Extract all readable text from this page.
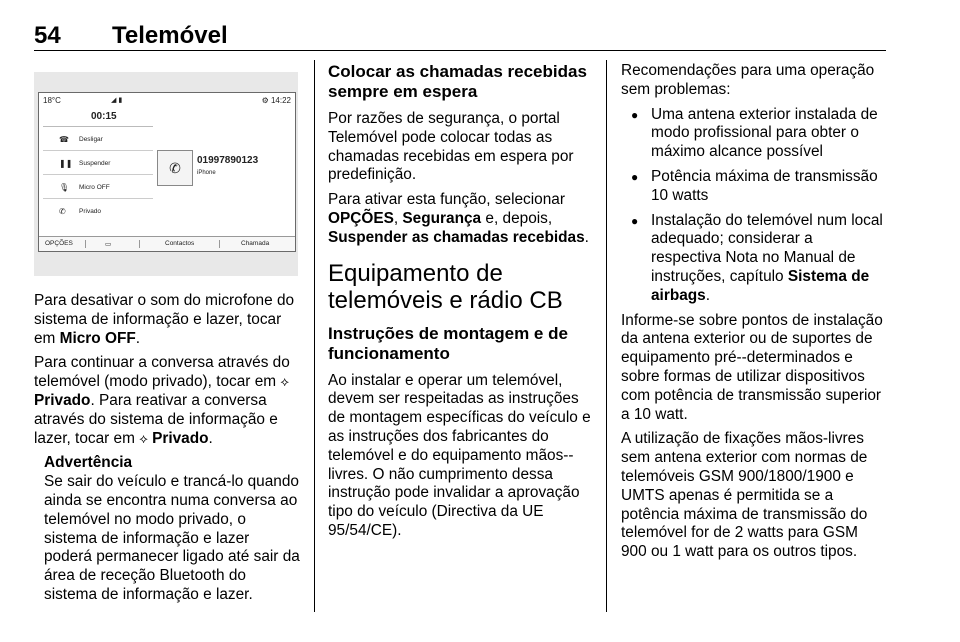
54 Telemóvel
18°C	◢ ▮	⚙ 14:22
00:15
☎ Desligar
❚❚ Suspender
🎙 Micro OFF
✆ Privado
✆	01997890123
iPhone
OPÇÕES	▭	Contactos	Chamada

Para desativar o som do microfone do sistema de informação e lazer, tocar em Micro OFF.

Para continuar a conversa através do telemóvel (modo privado), tocar em ⟡ Privado. Para reativar a conversa através do sistema de informação e lazer, tocar em ⟡ Privado.

Advertência
Se sair do veículo e trancá-lo quando ainda se encontra numa conversa ao telemóvel no modo privado, o sistema de informação e lazer poderá permanecer ligado até sair da área de receção Bluetooth do sistema de informação e lazer.
Colocar as chamadas recebidas sempre em espera

Por razões de segurança, o portal Telemóvel pode colocar todas as chamadas recebidas em espera por predefinição.

Para ativar esta função, selecionar OPÇÕES, Segurança e, depois, Suspender as chamadas recebidas.

Equipamento de telemóveis e rádio CB
Instruções de montagem e de funcionamento

Ao instalar e operar um telemóvel, devem ser respeitadas as instruções de montagem específicas do veículo e as instruções dos fabricantes do telemóvel e do equipamento mãos--livres. O não cumprimento dessa instrução pode invalidar a aprovação tipo do veículo (Directiva da UE 95/54/CE).

Recomendações para uma operação sem problemas:

● Uma antena exterior instalada de modo profissional para obter o máximo alcance possível
● Potência máxima de transmissão 10 watts
● Instalação do telemóvel num local adequado; considerar a respectiva Nota no Manual de instruções, capítulo Sistema de airbags.

Informe-se sobre pontos de instalação da antena exterior ou de suportes de equipamento pré--determinados e sobre formas de utilizar dispositivos com potência de transmissão superior a 10 watt.

A utilização de fixações mãos-livres sem antena exterior com normas de telemóveis GSM 900/1800/1900 e UMTS apenas é permitida se a potência máxima de transmissão do telemóvel for de 2 watts para GSM 900 ou 1 watt para os outros tipos.
